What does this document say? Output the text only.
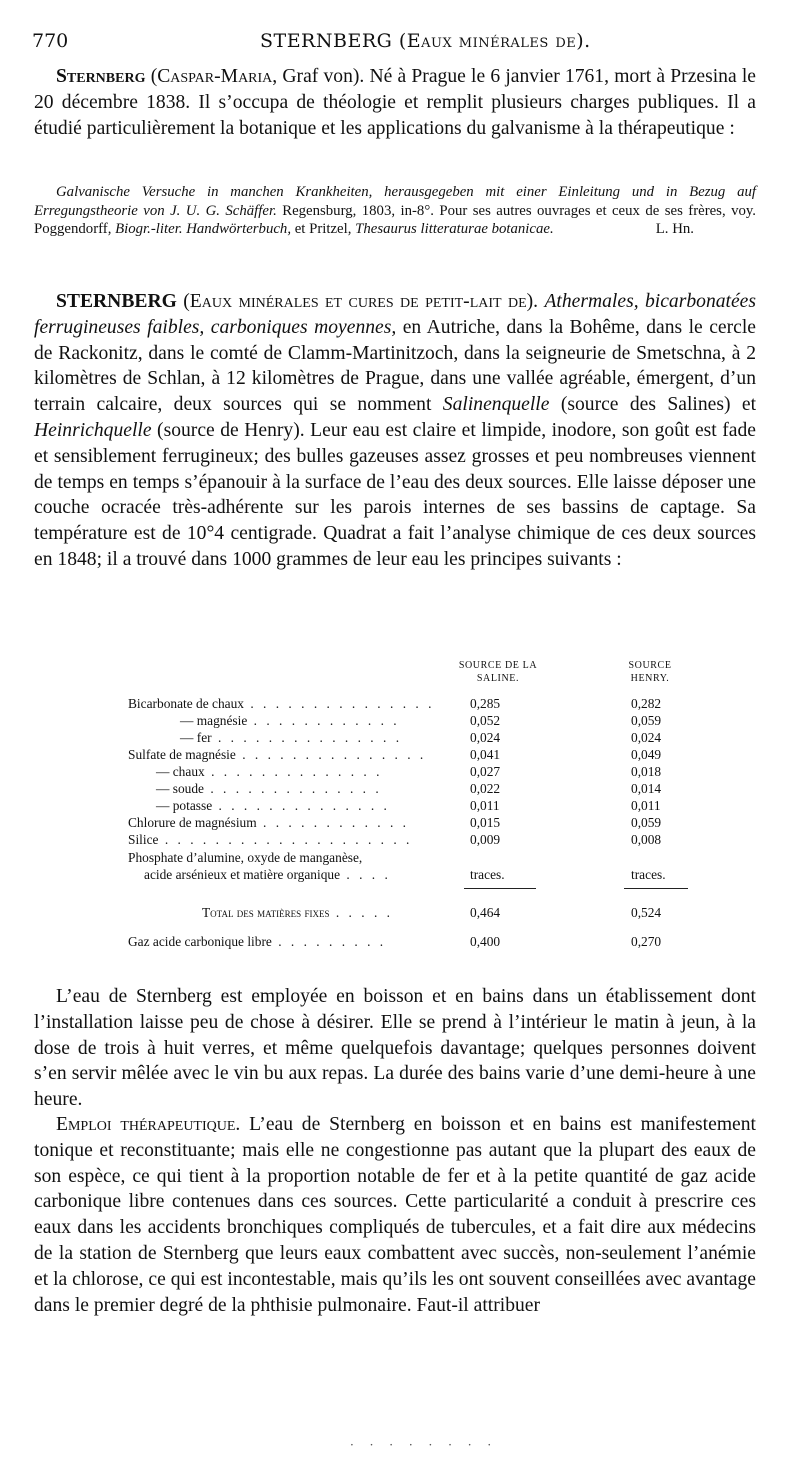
770	STERNBERG (Eaux minérales de).
Sternberg (Caspar-Maria, Graf von). Né à Prague le 6 janvier 1761, mort à Przesina le 20 décembre 1838. Il s’occupa de théologie et remplit plusieurs charges publiques. Il a étudié particulièrement la botanique et les applications du galvanisme à la thérapeutique :
Galvanische Versuche in manchen Krankheiten, herausgegeben mit einer Einleitung und in Bezug auf Erregungstheorie von J. U. G. Schäffer. Regensburg, 1803, in-8°. Pour ses autres ouvrages et ceux de ses frères, voy. Poggendorff, Biogr.-liter. Handwörterbuch, et Pritzel, Thesaurus litteraturae botanicae.	L. Hn.
STERNBERG (Eaux minérales et cures de petit-lait de). Athermales, bicarbonatées ferrugineuses faibles, carboniques moyennes, en Autriche, dans la Bohême, dans le cercle de Rackonitz, dans le comté de Clamm-Martinitzoch, dans la seigneurie de Smetschna, à 2 kilomètres de Schlan, à 12 kilomètres de Prague, dans une vallée agréable, émergent, d’un terrain calcaire, deux sources qui se nomment Salinenquelle (source des Salines) et Heinrichquelle (source de Henry). Leur eau est claire et limpide, inodore, son goût est fade et sensiblement ferrugineux; des bulles gazeuses assez grosses et peu nombreuses viennent de temps en temps s’épanouir à la surface de l’eau des deux sources. Elle laisse déposer une couche ocracée très-adhérente sur les parois internes de ses bassins de captage. Sa température est de 10°4 centigrade. Quadrat a fait l’analyse chimique de ces deux sources en 1848; il a trouvé dans 1000 grammes de leur eau les principes suivants :
SOURCE DE LA SALINE.
SOURCE HENRY.
Bicarbonate de chaux . . . . . . . . . . . . . . .	0,285	0,282
— magnésie . . . . . . . . . . . .	0,052	0,059
— fer . . . . . . . . . . . . . . .	0,024	0,024
Sulfate de magnésie . . . . . . . . . . . . . . .	0,041	0,049
— chaux . . . . . . . . . . . . . .	0,027	0,018
— soude . . . . . . . . . . . . . .	0,022	0,014
— potasse . . . . . . . . . . . . . .	0,011	0,011
Chlorure de magnésium . . . . . . . . . . . .	0,015	0,059
Silice . . . . . . . . . . . . . . . . . . . .	0,009	0,008
Phosphate d’alumine, oxyde de manganèse,
acide arsénieux et matière organique . . . .	traces.	traces.
Total des matières fixes . . . . .	0,464	0,524
Gaz acide carbonique libre . . . . . . . . .	0,400	0,270
L’eau de Sternberg est employée en boisson et en bains dans un établissement dont l’installation laisse peu de chose à désirer. Elle se prend à l’intérieur le matin à jeun, à la dose de trois à huit verres, et même quelquefois davantage; quelques personnes doivent s’en servir mêlée avec le vin bu aux repas. La durée des bains varie d’une demi-heure à une heure.
Emploi thérapeutique. L’eau de Sternberg en boisson et en bains est manifestement tonique et reconstituante; mais elle ne congestionne pas autant que la plupart des eaux de son espèce, ce qui tient à la proportion notable de fer et à la petite quantité de gaz acide carbonique libre contenues dans ces sources. Cette particularité a conduit à prescrire ces eaux dans les accidents bronchiques compliqués de tubercules, et a fait dire aux médecins de la station de Sternberg que leurs eaux combattent avec succès, non-seulement l’anémie et la chlorose, ce qui est incontestable, mais qu’ils les ont souvent conseillées avec avantage dans le premier degré de la phthisie pulmonaire. Faut-il attribuer
· · · · · · · ·
